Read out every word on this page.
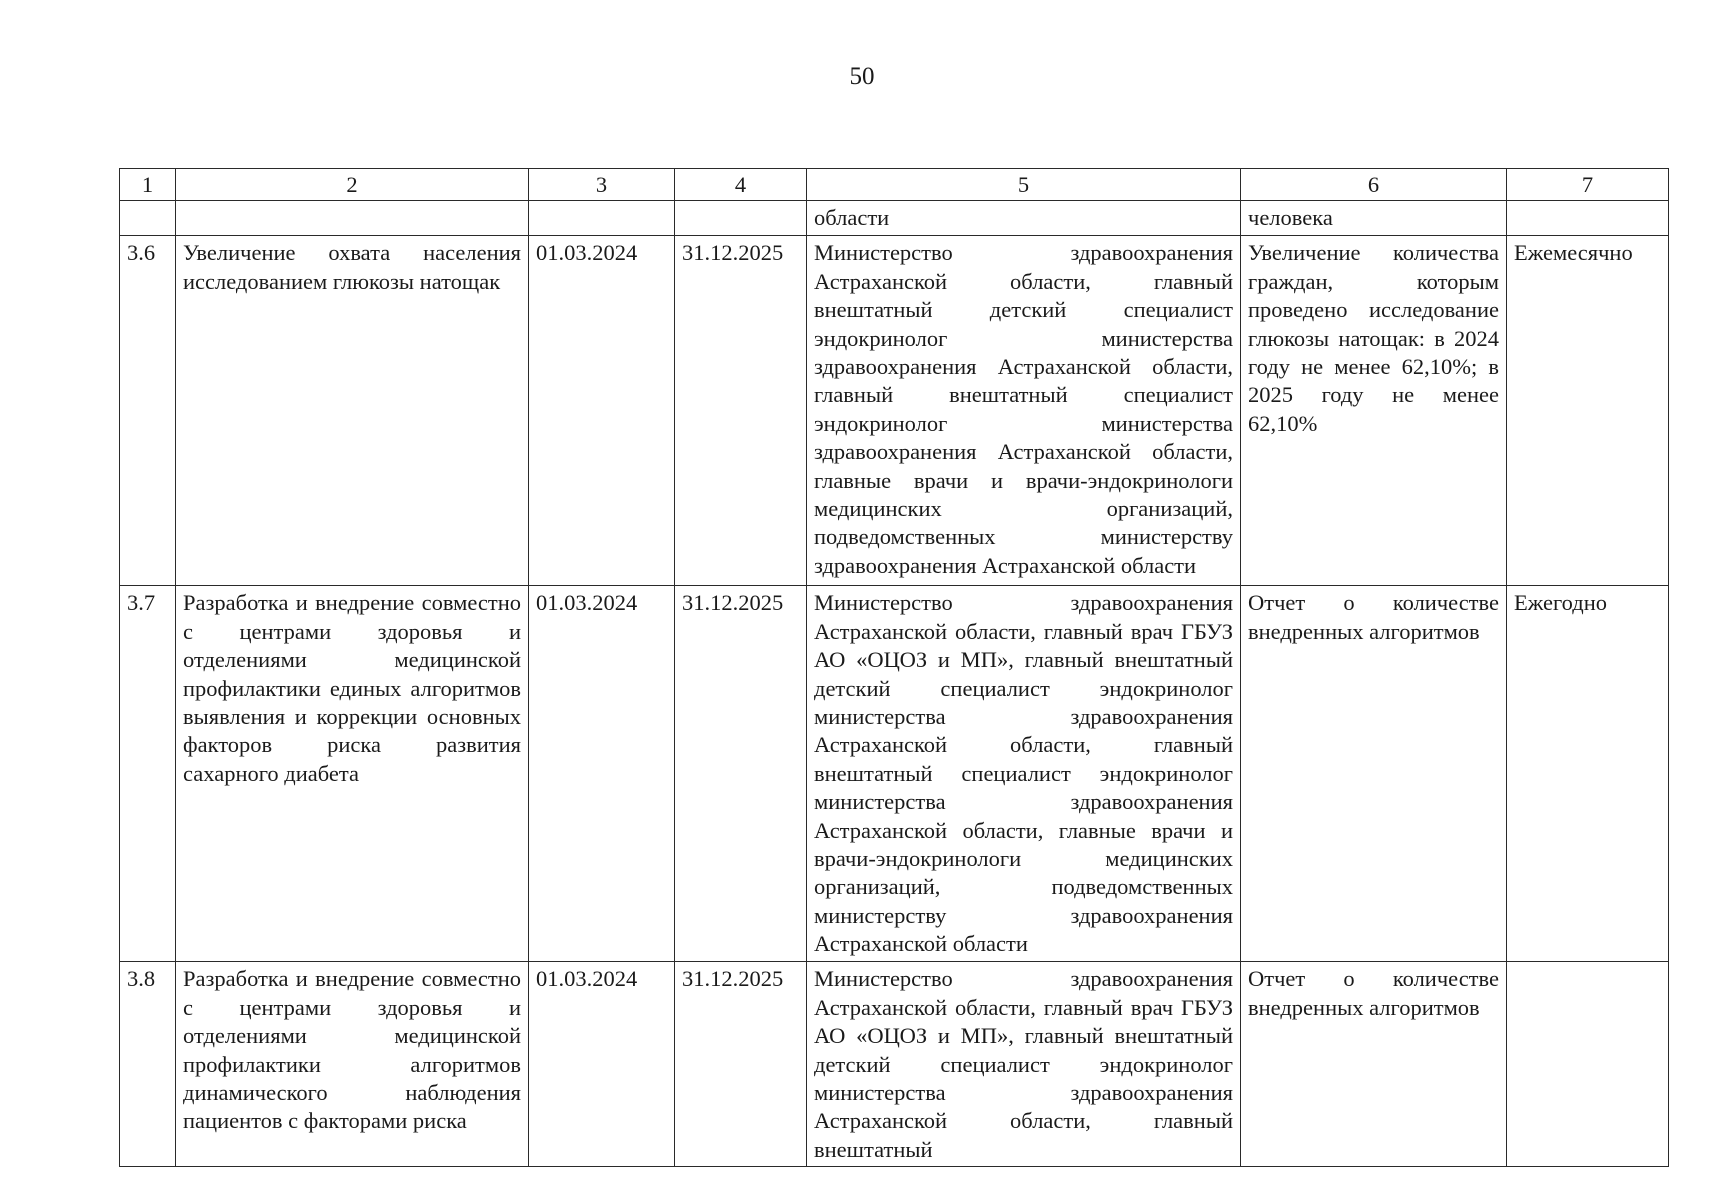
50
1	2	3	4	5	6	7
				области	человека	
3.6	Увеличение охвата населения исследованием глюкозы натощак	01.03.2024	31.12.2025	Министерство здравоохранения Астраханской области, главный внештатный детский специалист эндокринолог министерства здравоохранения Астраханской области, главный внештатный специалист эндокринолог министерства здравоохранения Астраханской области, главные врачи и врачи-эндокринологи медицинских организаций, подведомственных министерству здравоохранения Астраханской области	Увеличение количества граждан, которым проведено исследование глюкозы натощак: в 2024 году не менее 62,10%; в 2025 году не менее 62,10%	Ежемесячно
3.7	Разработка и внедрение совместно с центрами здоровья и отделениями медицинской профилактики единых алгоритмов выявления и коррекции основных факторов риска развития сахарного диабета	01.03.2024	31.12.2025	Министерство здравоохранения Астраханской области, главный врач ГБУЗ АО «ОЦОЗ и МП», главный внештатный детский специалист эндокринолог министерства здравоохранения Астраханской области, главный внештатный специалист эндокринолог министерства здравоохранения Астраханской области, главные врачи и врачи-эндокринологи медицинских организаций, подведомственных министерству здравоохранения Астраханской области	Отчет о количестве внедренных алгоритмов	Ежегодно
3.8	Разработка и внедрение совместно с центрами здоровья и отделениями медицинской профилактики алгоритмов динамического наблюдения пациентов с факторами риска	01.03.2024	31.12.2025	Министерство здравоохранения Астраханской области, главный врач ГБУЗ АО «ОЦОЗ и МП», главный внештатный детский специалист эндокринолог министерства здравоохранения Астраханской области, главный внештатный	Отчет о количестве внедренных алгоритмов	
